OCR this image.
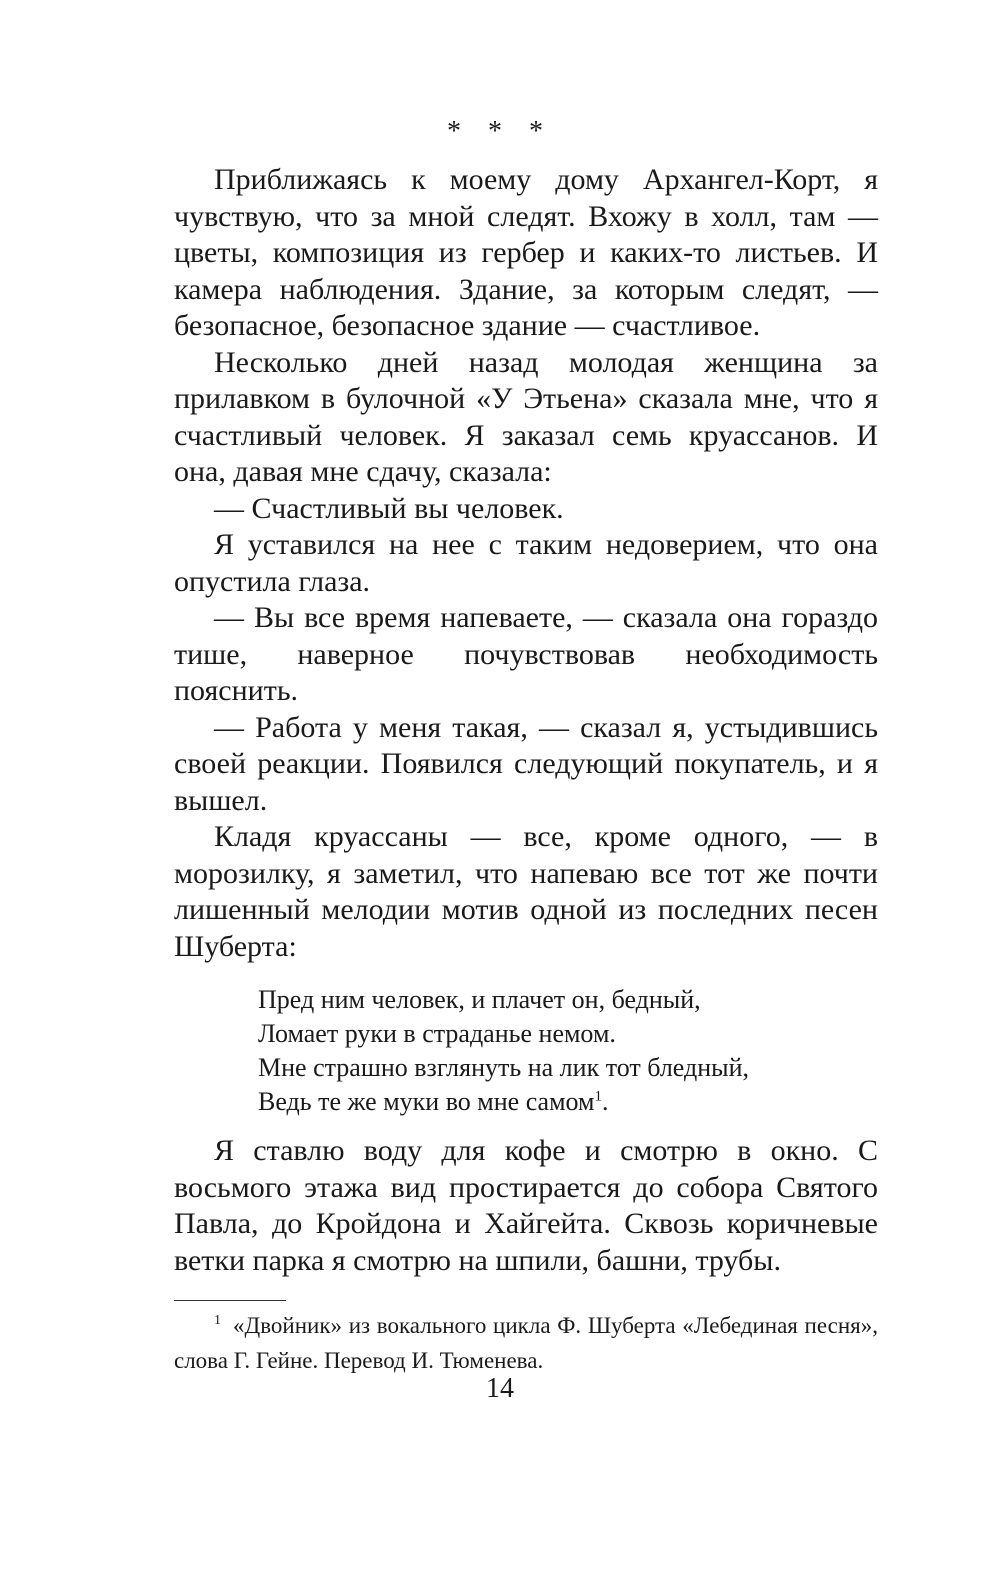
* * *

Приближаясь к моему дому Архангел-Корт, я чувствую, что за мной следят. Вхожу в холл, там — цветы, композиция из гербер и каких-то листьев. И камера наблюдения. Здание, за которым следят, — безопасное, безопасное здание — счастливое.

Несколько дней назад молодая женщина за прилавком в булочной «У Этьена» сказала мне, что я счастливый человек. Я заказал семь круассанов. И она, давая мне сдачу, сказала:

— Счастливый вы человек.

Я уставился на нее с таким недоверием, что она опустила глаза.

— Вы все время напеваете, — сказала она гораздо тише, наверное почувствовав необходимость пояснить.

— Работа у меня такая, — сказал я, устыдившись своей реакции. Появился следующий покупатель, и я вышел.

Кладя круассаны — все, кроме одного, — в морозилку, я заметил, что напеваю все тот же почти лишенный мелодии мотив одной из последних песен Шуберта:

Пред ним человек, и плачет он, бедный,
Ломает руки в страданье немом.
Мне страшно взглянуть на лик тот бледный,
Ведь те же муки во мне самом$^1$.

Я ставлю воду для кофе и смотрю в окно. С восьмого этажа вид простирается до собора Святого Павла, до Кройдона и Хайгейта. Сквозь коричневые ветки парка я смотрю на шпили, башни, трубы.

$^1$ «Двойник» из вокального цикла Ф. Шуберта «Лебединая песня», слова Г. Гейне. Перевод И. Тюменева.
14
